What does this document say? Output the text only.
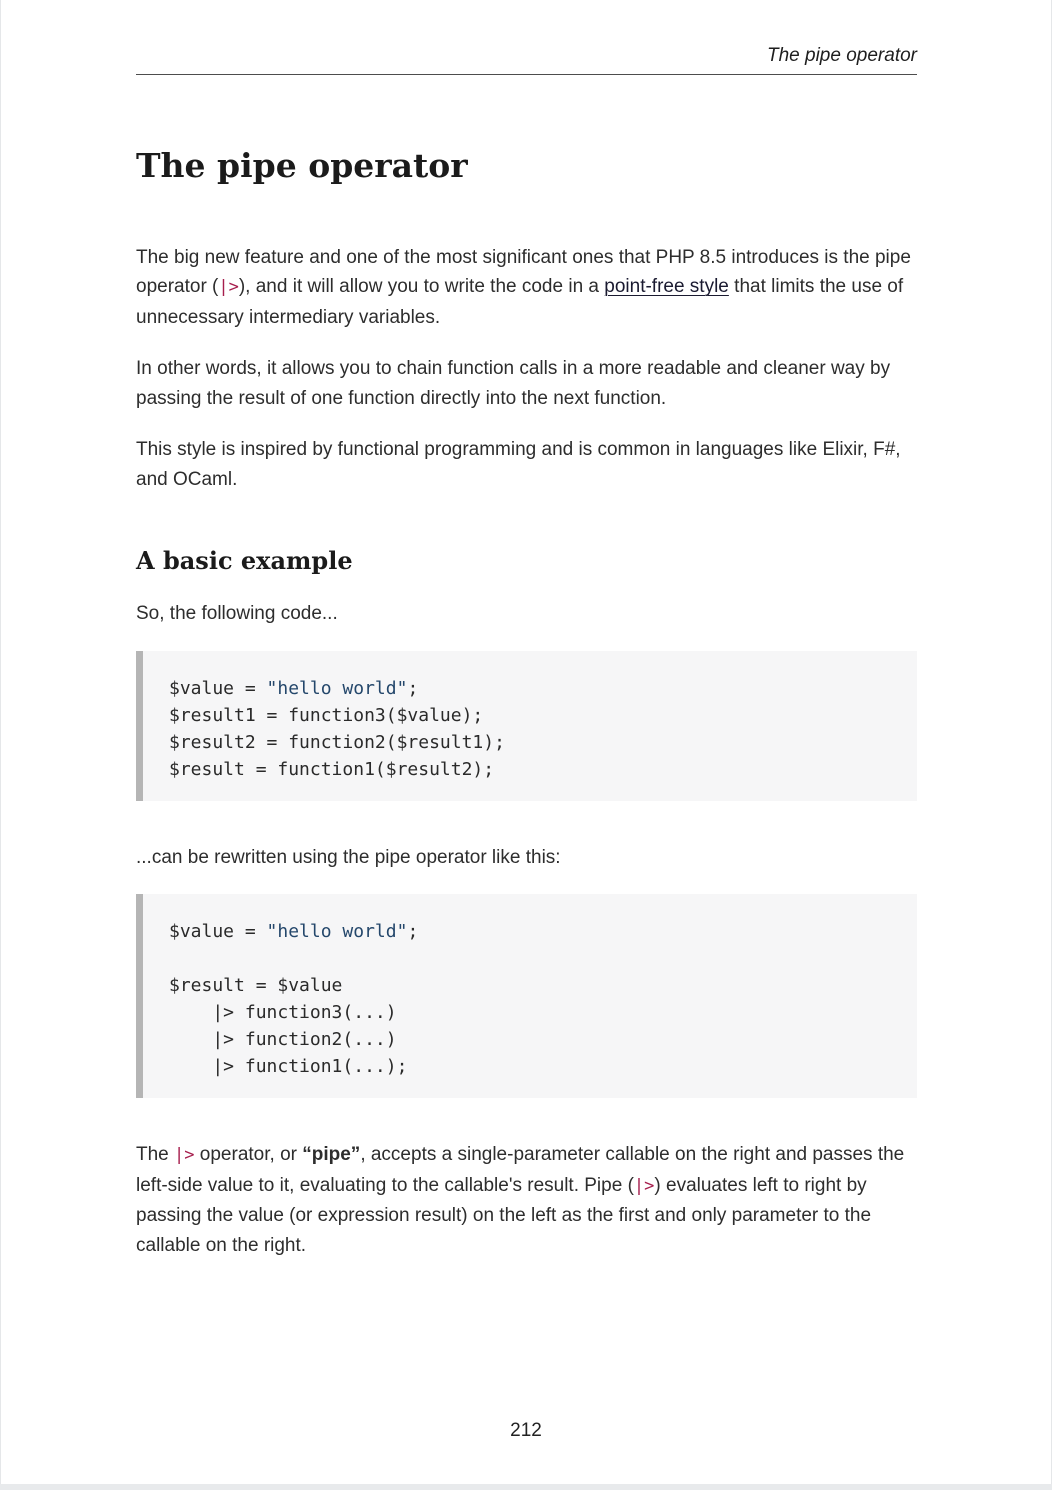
The pipe operator
The pipe operator

The big new feature and one of the most significant ones that PHP 8.5 introduces is the pipe operator (|>), and it will allow you to write the code in a point-free style that limits the use of unnecessary intermediary variables.

In other words, it allows you to chain function calls in a more readable and cleaner way by passing the result of one function directly into the next function.

This style is inspired by functional programming and is common in languages like Elixir, F#, and OCaml.

A basic example

So, the following code...

$value = "hello world";
$result1 = function3($value);
$result2 = function2($result1);
$result = function1($result2);

...can be rewritten using the pipe operator like this:

$value = "hello world";

$result = $value
|> function3(...)
|> function2(...)
|> function1(...);

The |> operator, or “pipe”, accepts a single-parameter callable on the right and passes the left-side value to it, evaluating to the callable's result. Pipe (|>) evaluates left to right by passing the value (or expression result) on the left as the first and only parameter to the callable on the right.

212
